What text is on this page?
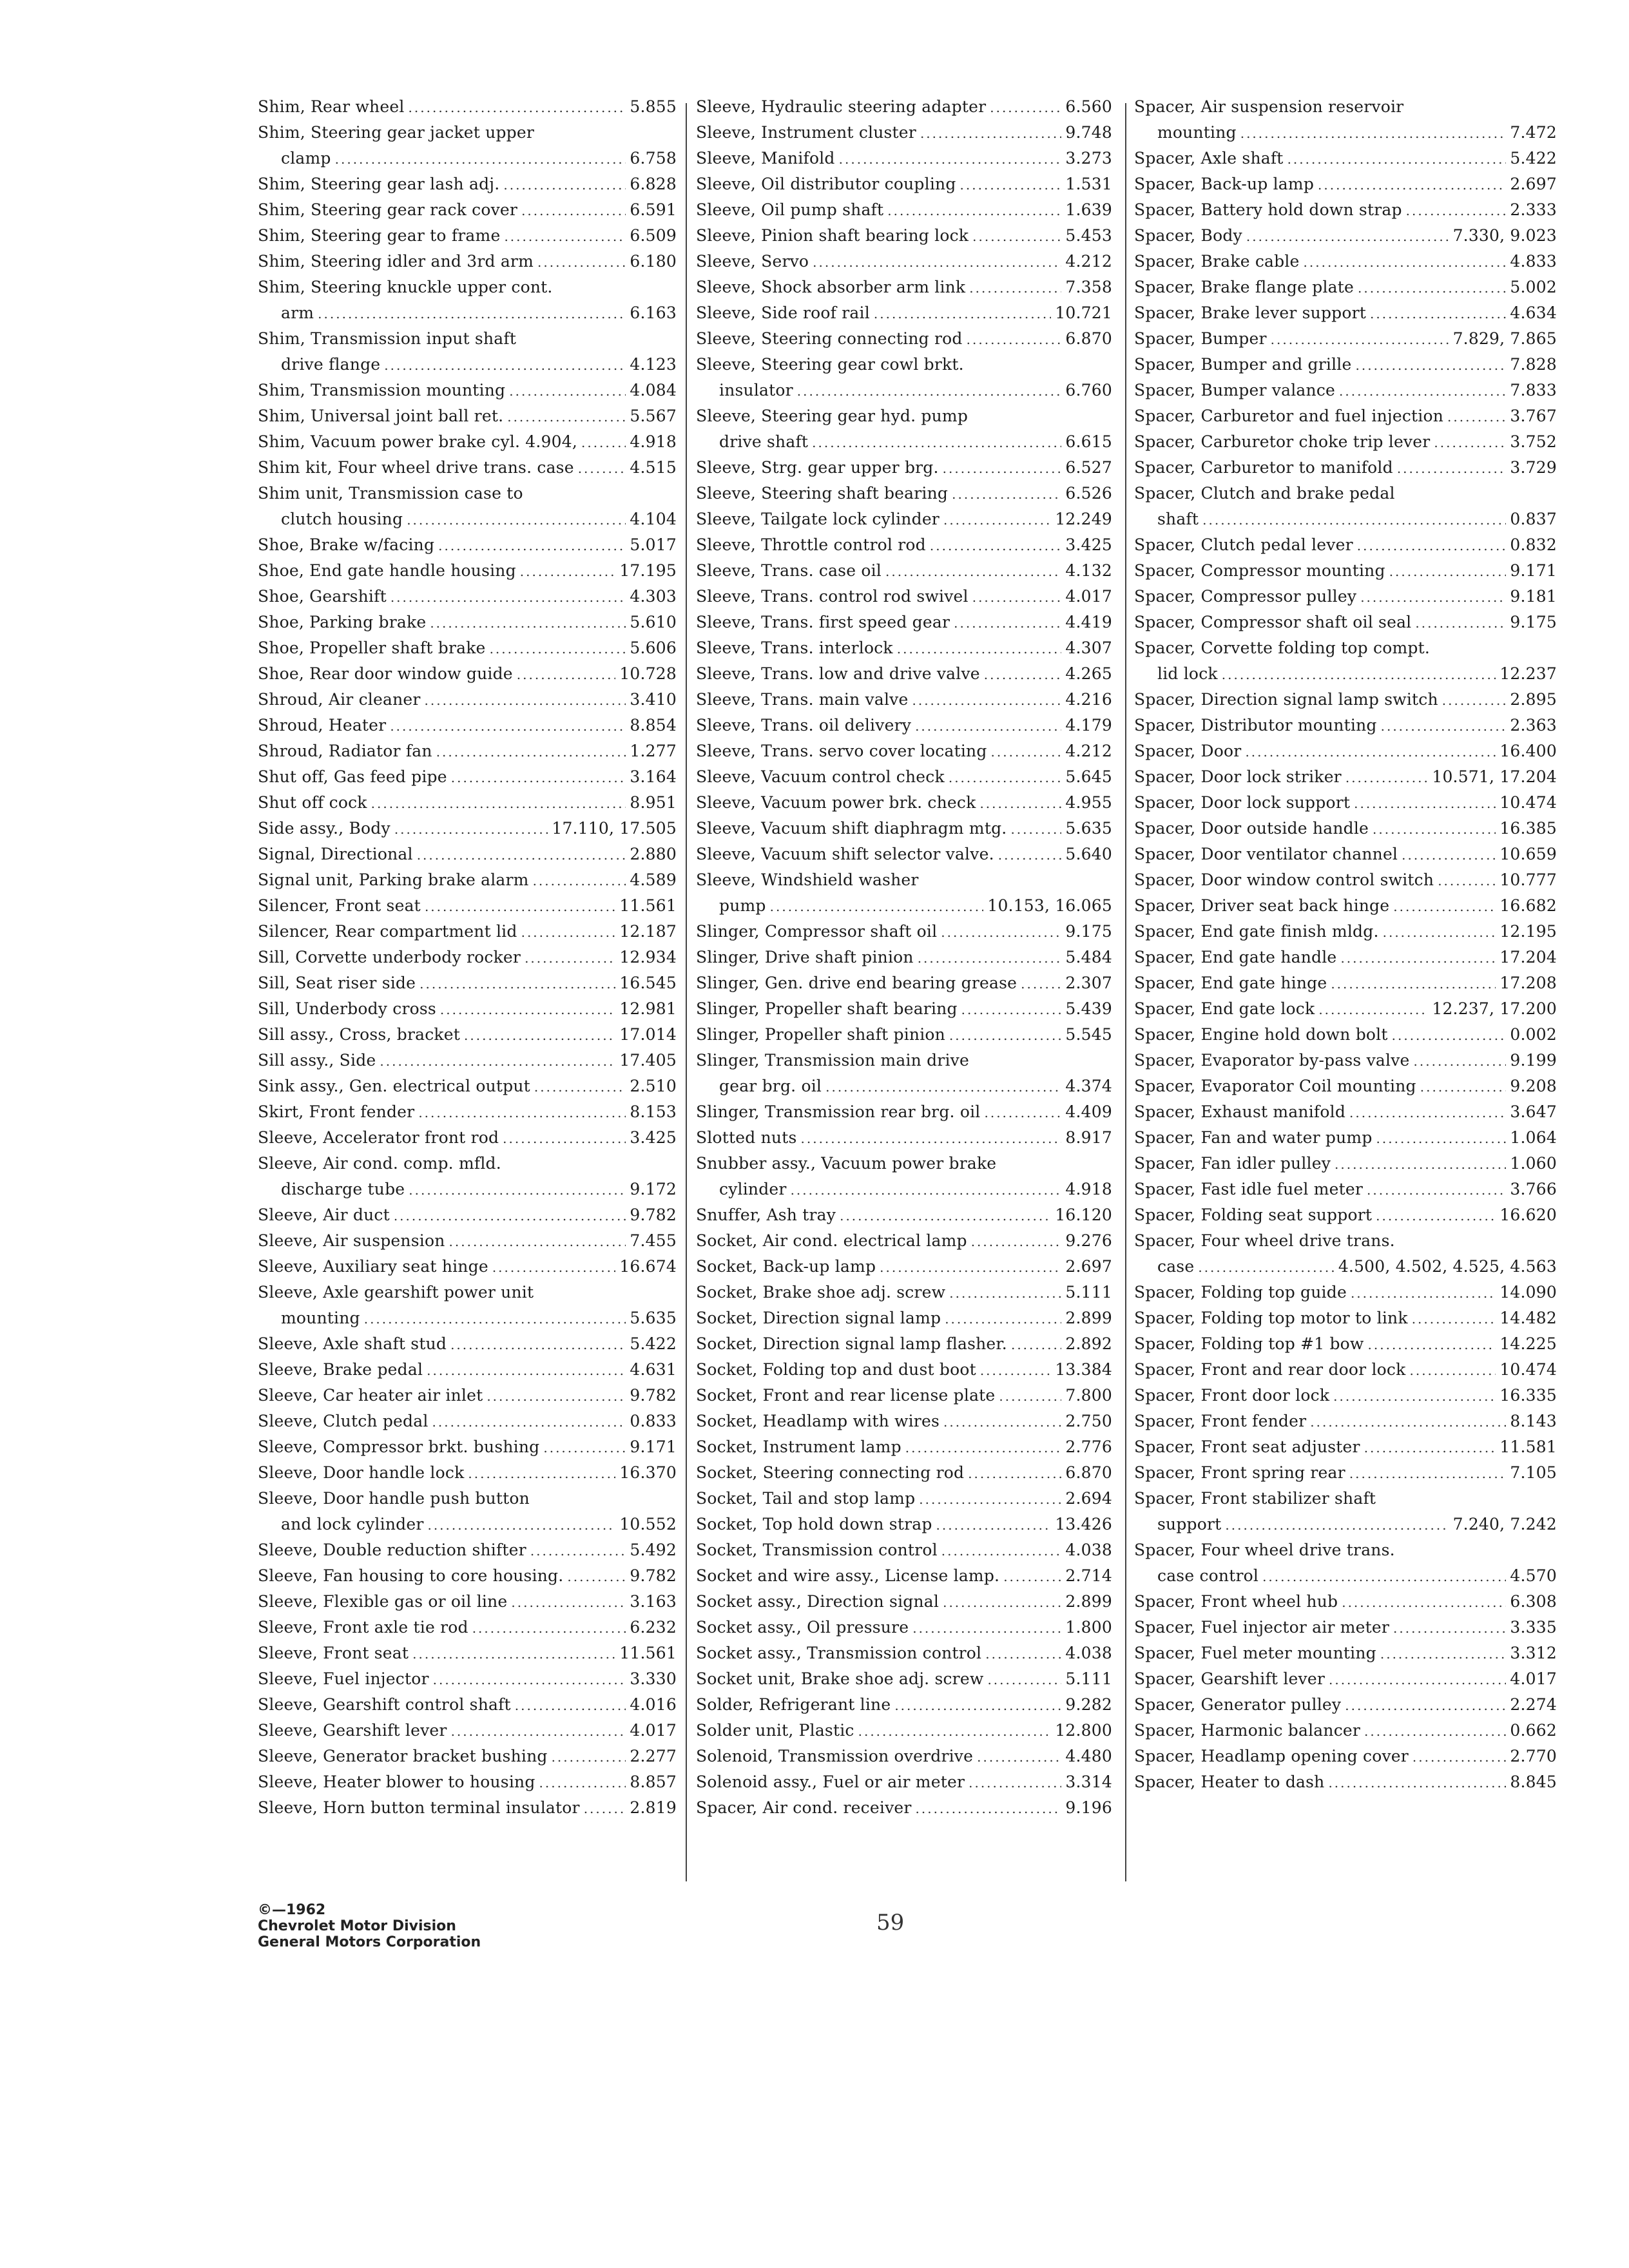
Shim, Rear wheel .....	5.855
Shim, Steering gear jacket upper
clamp .....	6.758
Shim, Steering gear lash adj. .....	6.828
Shim, Steering gear rack cover .....	6.591
Shim, Steering gear to frame .....	6.509
Shim, Steering idler and 3rd arm .....	6.180
Shim, Steering knuckle upper cont.
arm .....	6.163
Shim, Transmission input shaft
drive flange .....	4.123
Shim, Transmission mounting .....	4.084
Shim, Universal joint ball ret. .....	5.567
Shim, Vacuum power brake cyl. 4.904, .....	4.918
Shim kit, Four wheel drive trans. case .....	4.515
Shim unit, Transmission case to
clutch housing .....	4.104
Shoe, Brake w/facing .....	5.017
Shoe, End gate handle housing .....	17.195
Shoe, Gearshift .....	4.303
Shoe, Parking brake .....	5.610
Shoe, Propeller shaft brake .....	5.606
Shoe, Rear door window guide .....	10.728
Shroud, Air cleaner .....	3.410
Shroud, Heater .....	8.854
Shroud, Radiator fan .....	1.277
Shut off, Gas feed pipe .....	3.164
Shut off cock .....	8.951
Side assy., Body .....	17.110, 17.505
Signal, Directional .....	2.880
Signal unit, Parking brake alarm .....	4.589
Silencer, Front seat .....	11.561
Silencer, Rear compartment lid .....	12.187
Sill, Corvette underbody rocker .....	12.934
Sill, Seat riser side .....	16.545
Sill, Underbody cross .....	12.981
Sill assy., Cross, bracket .....	17.014
Sill assy., Side .....	17.405
Sink assy., Gen. electrical output .....	2.510
Skirt, Front fender .....	8.153
Sleeve, Accelerator front rod .....	3.425
Sleeve, Air cond. comp. mfld.
discharge tube .....	9.172
Sleeve, Air duct .....	9.782
Sleeve, Air suspension .....	7.455
Sleeve, Auxiliary seat hinge .....	16.674
Sleeve, Axle gearshift power unit
mounting .....	5.635
Sleeve, Axle shaft stud .....	5.422
Sleeve, Brake pedal .....	4.631
Sleeve, Car heater air inlet .....	9.782
Sleeve, Clutch pedal .....	0.833
Sleeve, Compressor brkt. bushing .....	9.171
Sleeve, Door handle lock .....	16.370
Sleeve, Door handle push button
and lock cylinder .....	10.552
Sleeve, Double reduction shifter .....	5.492
Sleeve, Fan housing to core housing. .....	9.782
Sleeve, Flexible gas or oil line .....	3.163
Sleeve, Front axle tie rod .....	6.232
Sleeve, Front seat .....	11.561
Sleeve, Fuel injector .....	3.330
Sleeve, Gearshift control shaft .....	4.016
Sleeve, Gearshift lever .....	4.017
Sleeve, Generator bracket bushing .....	2.277
Sleeve, Heater blower to housing .....	8.857
Sleeve, Horn button terminal insulator .....	2.819
Sleeve, Hydraulic steering adapter .....	6.560
Sleeve, Instrument cluster .....	9.748
Sleeve, Manifold .....	3.273
Sleeve, Oil distributor coupling .....	1.531
Sleeve, Oil pump shaft .....	1.639
Sleeve, Pinion shaft bearing lock .....	5.453
Sleeve, Servo .....	4.212
Sleeve, Shock absorber arm link .....	7.358
Sleeve, Side roof rail .....	10.721
Sleeve, Steering connecting rod .....	6.870
Sleeve, Steering gear cowl brkt.
insulator .....	6.760
Sleeve, Steering gear hyd. pump
drive shaft .....	6.615
Sleeve, Strg. gear upper brg. .....	6.527
Sleeve, Steering shaft bearing .....	6.526
Sleeve, Tailgate lock cylinder .....	12.249
Sleeve, Throttle control rod .....	3.425
Sleeve, Trans. case oil .....	4.132
Sleeve, Trans. control rod swivel .....	4.017
Sleeve, Trans. first speed gear .....	4.419
Sleeve, Trans. interlock .....	4.307
Sleeve, Trans. low and drive valve .....	4.265
Sleeve, Trans. main valve .....	4.216
Sleeve, Trans. oil delivery .....	4.179
Sleeve, Trans. servo cover locating .....	4.212
Sleeve, Vacuum control check .....	5.645
Sleeve, Vacuum power brk. check .....	4.955
Sleeve, Vacuum shift diaphragm mtg. .....	5.635
Sleeve, Vacuum shift selector valve. .....	5.640
Sleeve, Windshield washer
pump .....	10.153, 16.065
Slinger, Compressor shaft oil .....	9.175
Slinger, Drive shaft pinion .....	5.484
Slinger, Gen. drive end bearing grease .....	2.307
Slinger, Propeller shaft bearing .....	5.439
Slinger, Propeller shaft pinion .....	5.545
Slinger, Transmission main drive
gear brg. oil .....	4.374
Slinger, Transmission rear brg. oil .....	4.409
Slotted nuts .....	8.917
Snubber assy., Vacuum power brake
cylinder .....	4.918
Snuffer, Ash tray .....	16.120
Socket, Air cond. electrical lamp .....	9.276
Socket, Back-up lamp .....	2.697
Socket, Brake shoe adj. screw .....	5.111
Socket, Direction signal lamp .....	2.899
Socket, Direction signal lamp flasher. .....	2.892
Socket, Folding top and dust boot .....	13.384
Socket, Front and rear license plate .....	7.800
Socket, Headlamp with wires .....	2.750
Socket, Instrument lamp .....	2.776
Socket, Steering connecting rod .....	6.870
Socket, Tail and stop lamp .....	2.694
Socket, Top hold down strap .....	13.426
Socket, Transmission control .....	4.038
Socket and wire assy., License lamp. .....	2.714
Socket assy., Direction signal .....	2.899
Socket assy., Oil pressure .....	1.800
Socket assy., Transmission control .....	4.038
Socket unit, Brake shoe adj. screw .....	5.111
Solder, Refrigerant line .....	9.282
Solder unit, Plastic .....	12.800
Solenoid, Transmission overdrive .....	4.480
Solenoid assy., Fuel or air meter .....	3.314
Spacer, Air cond. receiver .....	9.196
Spacer, Air suspension reservoir
mounting .....	7.472
Spacer, Axle shaft .....	5.422
Spacer, Back-up lamp .....	2.697
Spacer, Battery hold down strap .....	2.333
Spacer, Body .....	7.330, 9.023
Spacer, Brake cable .....	4.833
Spacer, Brake flange plate .....	5.002
Spacer, Brake lever support .....	4.634
Spacer, Bumper .....	7.829, 7.865
Spacer, Bumper and grille .....	7.828
Spacer, Bumper valance .....	7.833
Spacer, Carburetor and fuel injection .....	3.767
Spacer, Carburetor choke trip lever .....	3.752
Spacer, Carburetor to manifold .....	3.729
Spacer, Clutch and brake pedal
shaft .....	0.837
Spacer, Clutch pedal lever .....	0.832
Spacer, Compressor mounting .....	9.171
Spacer, Compressor pulley .....	9.181
Spacer, Compressor shaft oil seal .....	9.175
Spacer, Corvette folding top compt.
lid lock .....	12.237
Spacer, Direction signal lamp switch .....	2.895
Spacer, Distributor mounting .....	2.363
Spacer, Door .....	16.400
Spacer, Door lock striker .....	10.571, 17.204
Spacer, Door lock support .....	10.474
Spacer, Door outside handle .....	16.385
Spacer, Door ventilator channel .....	10.659
Spacer, Door window control switch .....	10.777
Spacer, Driver seat back hinge .....	16.682
Spacer, End gate finish mldg. .....	12.195
Spacer, End gate handle .....	17.204
Spacer, End gate hinge .....	17.208
Spacer, End gate lock .....	12.237, 17.200
Spacer, Engine hold down bolt .....	0.002
Spacer, Evaporator by-pass valve .....	9.199
Spacer, Evaporator Coil mounting .....	9.208
Spacer, Exhaust manifold .....	3.647
Spacer, Fan and water pump .....	1.064
Spacer, Fan idler pulley .....	1.060
Spacer, Fast idle fuel meter .....	3.766
Spacer, Folding seat support .....	16.620
Spacer, Four wheel drive trans.
case .....	4.500, 4.502, 4.525, 4.563
Spacer, Folding top guide .....	14.090
Spacer, Folding top motor to link .....	14.482
Spacer, Folding top #1 bow .....	14.225
Spacer, Front and rear door lock .....	10.474
Spacer, Front door lock .....	16.335
Spacer, Front fender .....	8.143
Spacer, Front seat adjuster .....	11.581
Spacer, Front spring rear .....	7.105
Spacer, Front stabilizer shaft
support .....	7.240, 7.242
Spacer, Four wheel drive trans.
case control .....	4.570
Spacer, Front wheel hub .....	6.308
Spacer, Fuel injector air meter .....	3.335
Spacer, Fuel meter mounting .....	3.312
Spacer, Gearshift lever .....	4.017
Spacer, Generator pulley .....	2.274
Spacer, Harmonic balancer .....	0.662
Spacer, Headlamp opening cover .....	2.770
Spacer, Heater to dash .....	8.845
©—1962
Chevrolet Motor Division
General Motors Corporation
59
